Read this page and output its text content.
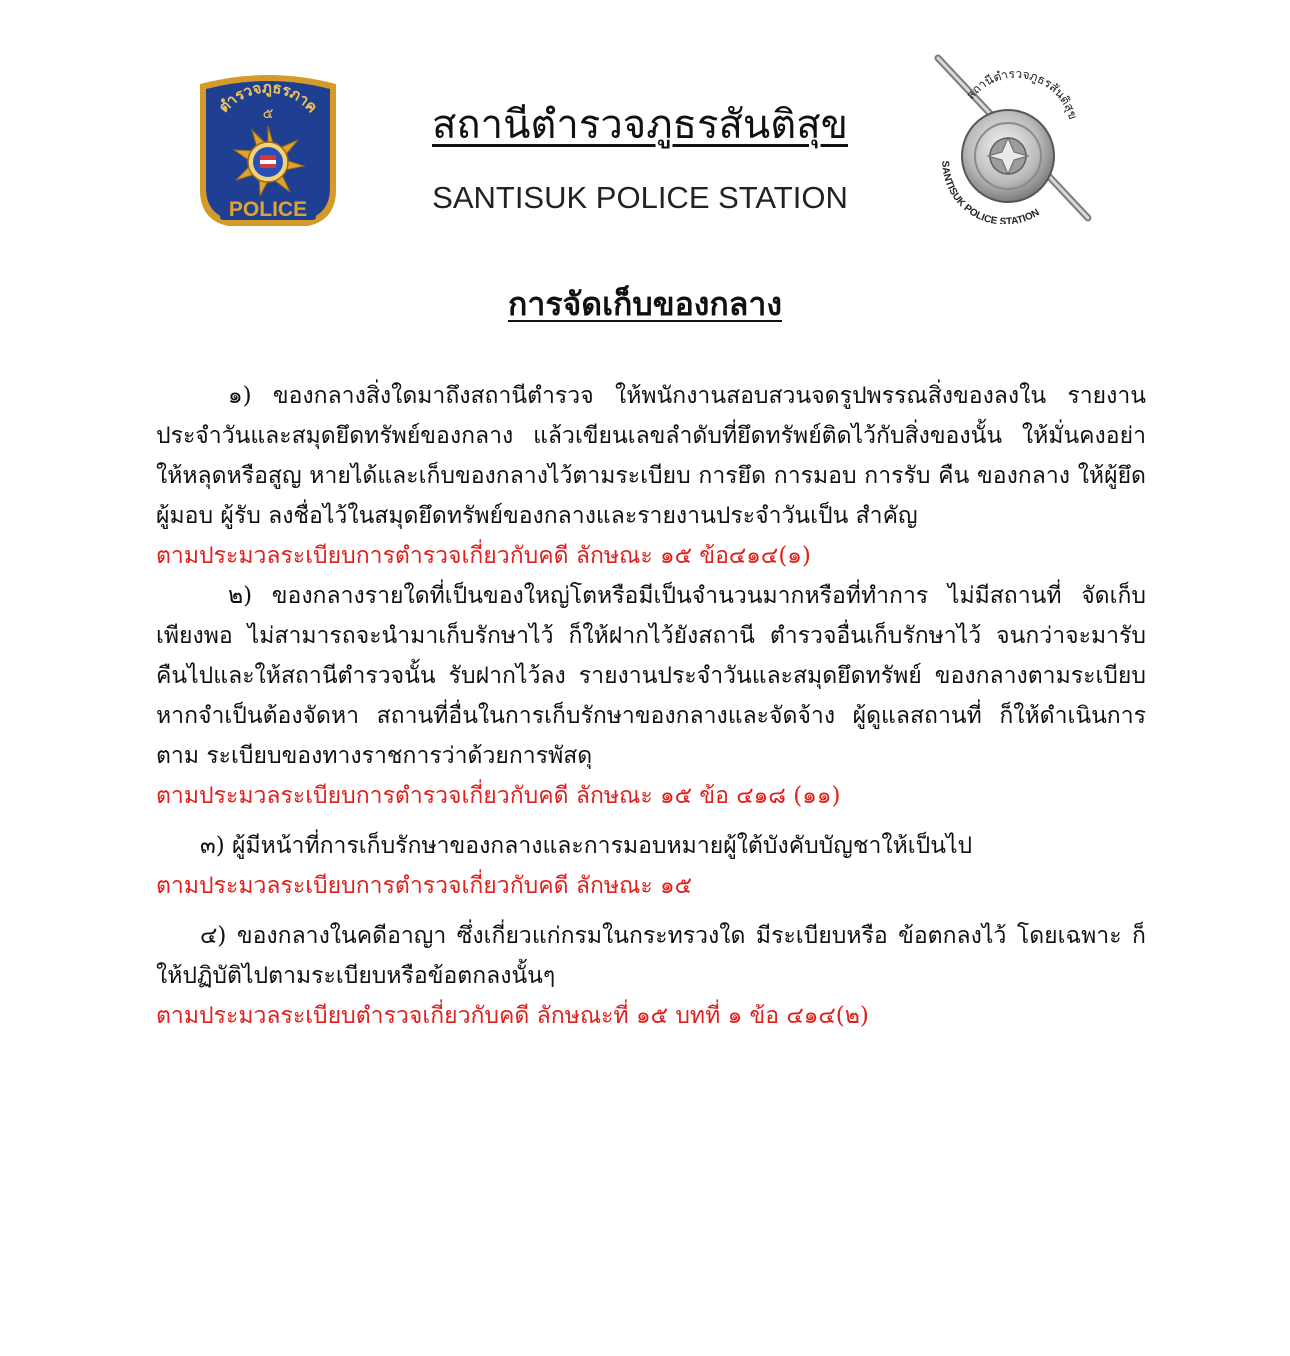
ตำรวจภูธรภาค
๕
POLICE
สถานีตำรวจภูธรสันติสุข
SANTISUK POLICE STATION
สถานีตำรวจภูธรสันติสุข
SANTISUK POLICE STATION
การจัดเก็บของกลาง

๑) ของกลางสิ่งใดมาถึงสถานีตำรวจ ให้พนักงานสอบสวนจดรูปพรรณสิ่งของลงใน รายงานประจำวันและสมุดยึดทรัพย์ของกลาง แล้วเขียนเลขลำดับที่ยึดทรัพย์ติดไว้กับสิ่งของนั้น ให้มั่นคงอย่าให้หลุดหรือสูญ หายได้และเก็บของกลางไว้ตามระเบียบ การยึด การมอบ การรับ คืน ของกลาง ให้ผู้ยึดผู้มอบ ผู้รับ ลงชื่อไว้ในสมุดยึดทรัพย์ของกลางและรายงานประจำวันเป็น สำคัญ

ตามประมวลระเบียบการตำรวจเกี่ยวกับคดี ลักษณะ ๑๕ ข้อ๔๑๔(๑)

๒) ของกลางรายใดที่เป็นของใหญ่โตหรือมีเป็นจำนวนมากหรือที่ทำการ ไม่มีสถานที่ จัดเก็บเพียงพอ ไม่สามารถจะนำมาเก็บรักษาไว้ ก็ให้ฝากไว้ยังสถานี ตำรวจอื่นเก็บรักษาไว้ จนกว่าจะมารับคืนไปและให้สถานีตำรวจนั้น รับฝากไว้ลง รายงานประจำวันและสมุดยึดทรัพย์ ของกลางตามระเบียบ หากจำเป็นต้องจัดหา สถานที่อื่นในการเก็บรักษาของกลางและจัดจ้าง ผู้ดูแลสถานที่ ก็ให้ดำเนินการตาม ระเบียบของทางราชการว่าด้วยการพัสดุ

ตามประมวลระเบียบการตำรวจเกี่ยวกับคดี ลักษณะ ๑๕ ข้อ ๔๑๘ (๑๑)

๓) ผู้มีหน้าที่การเก็บรักษาของกลางและการมอบหมายผู้ใต้บังคับบัญชาให้เป็นไป

ตามประมวลระเบียบการตำรวจเกี่ยวกับคดี ลักษณะ ๑๕

๔) ของกลางในคดีอาญา ซึ่งเกี่ยวแก่กรมในกระทรวงใด มีระเบียบหรือ ข้อตกลงไว้ โดยเฉพาะ ก็ให้ปฏิบัติไปตามระเบียบหรือข้อตกลงนั้นๆ

ตามประมวลระเบียบตำรวจเกี่ยวกับคดี ลักษณะที่ ๑๕ บทที่ ๑ ข้อ ๔๑๔(๒)
